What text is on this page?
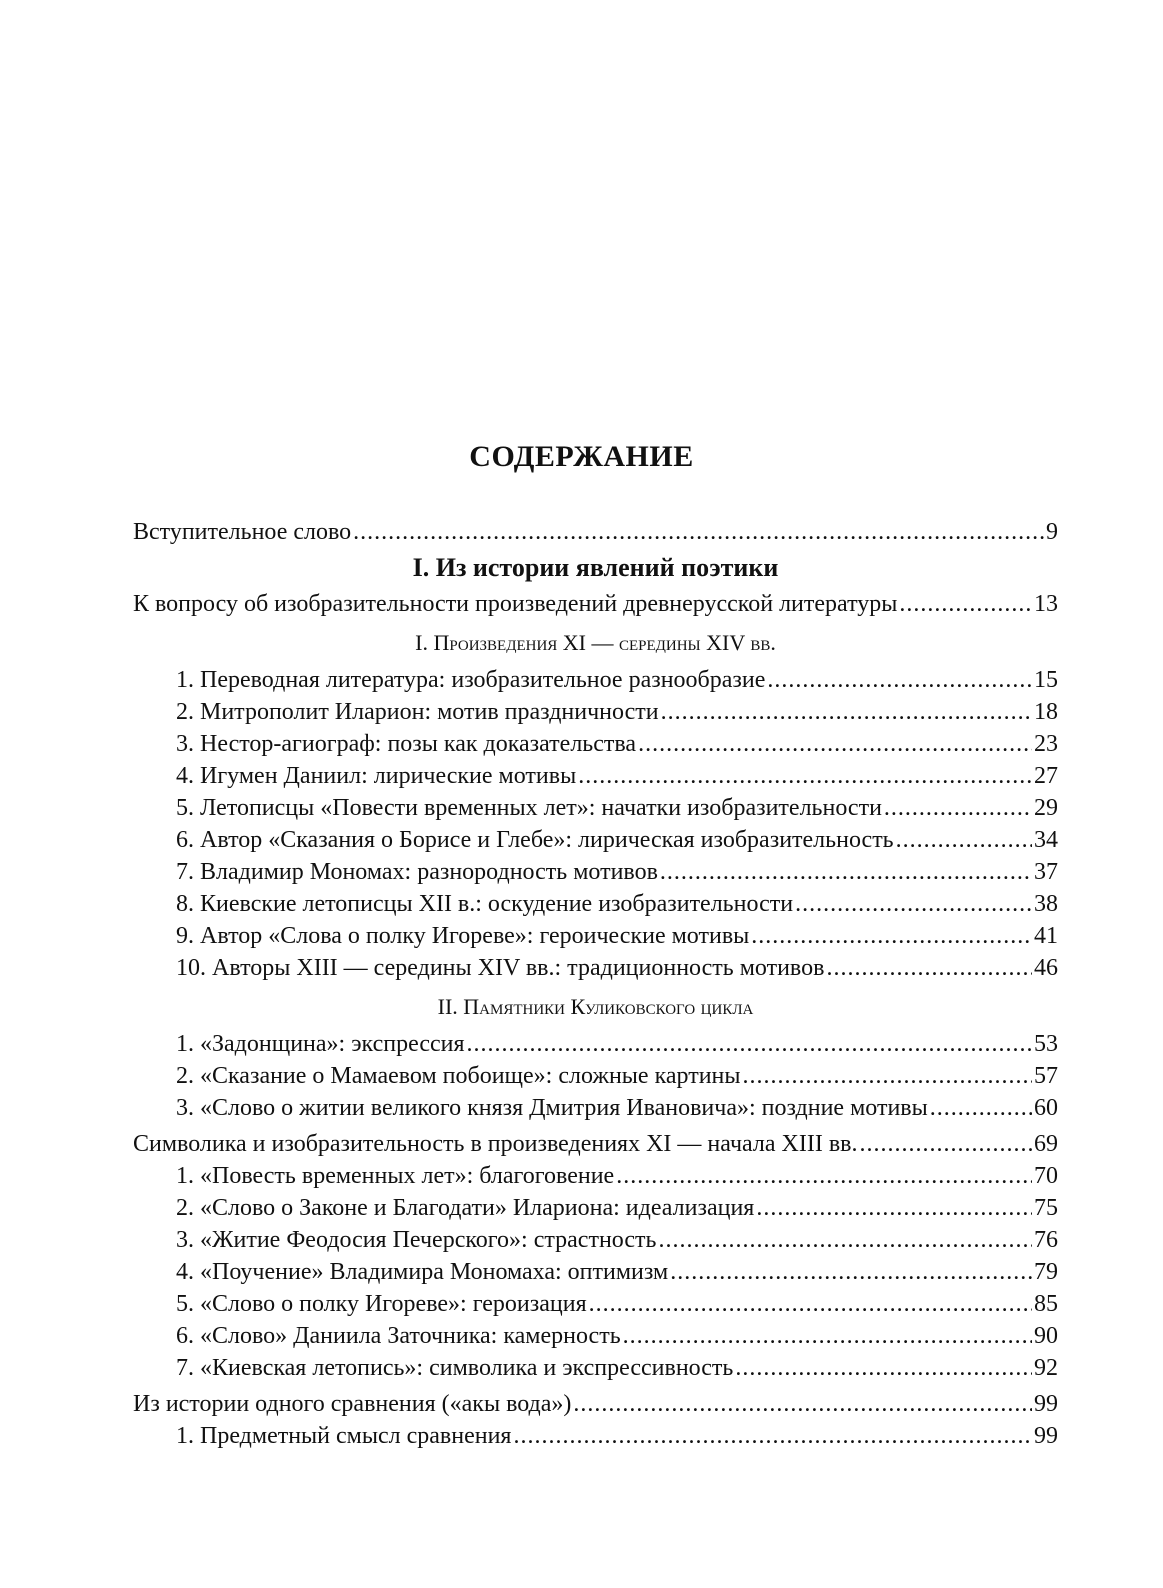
СОДЕРЖАНИЕ
Вступительное слово .....	9
I. Из истории явлений поэтики
К вопросу об изобразительности произведений древнерусской литературы .....	13
I. Произведения XI — середины XIV вв.
1. Переводная литература: изобразительное разнообразие .....	15
2. Митрополит Иларион: мотив праздничности .....	18
3. Нестор-агиограф: позы как доказательства .....	23
4. Игумен Даниил: лирические мотивы .....	27
5. Летописцы «Повести временных лет»: начатки изобразительности .....	29
6. Автор «Сказания о Борисе и Глебе»: лирическая изобразительность .....	34
7. Владимир Мономах: разнородность мотивов .....	37
8. Киевские летописцы XII в.: оскудение изобразительности .....	38
9. Автор «Слова о полку Игореве»: героические мотивы .....	41
10. Авторы XIII — середины XIV вв.: традиционность мотивов .....	46
II. Памятники Куликовского цикла
1. «Задонщина»: экспрессия .....	53
2. «Сказание о Мамаевом побоище»: сложные картины .....	57
3. «Слово о житии великого князя Дмитрия Ивановича»: поздние мотивы .....	60
Символика и изобразительность в произведениях XI — начала XIII вв. .....	69
1. «Повесть временных лет»: благоговение .....	70
2. «Слово о Законе и Благодати» Илариона: идеализация .....	75
3. «Житие Феодосия Печерского»: страстность .....	76
4. «Поучение» Владимира Мономаха: оптимизм .....	79
5. «Слово о полку Игореве»: героизация .....	85
6. «Слово» Даниила Заточника: камерность .....	90
7. «Киевская летопись»: символика и экспрессивность .....	92
Из истории одного сравнения («акы вода») .....	99
1. Предметный смысл сравнения .....	99
